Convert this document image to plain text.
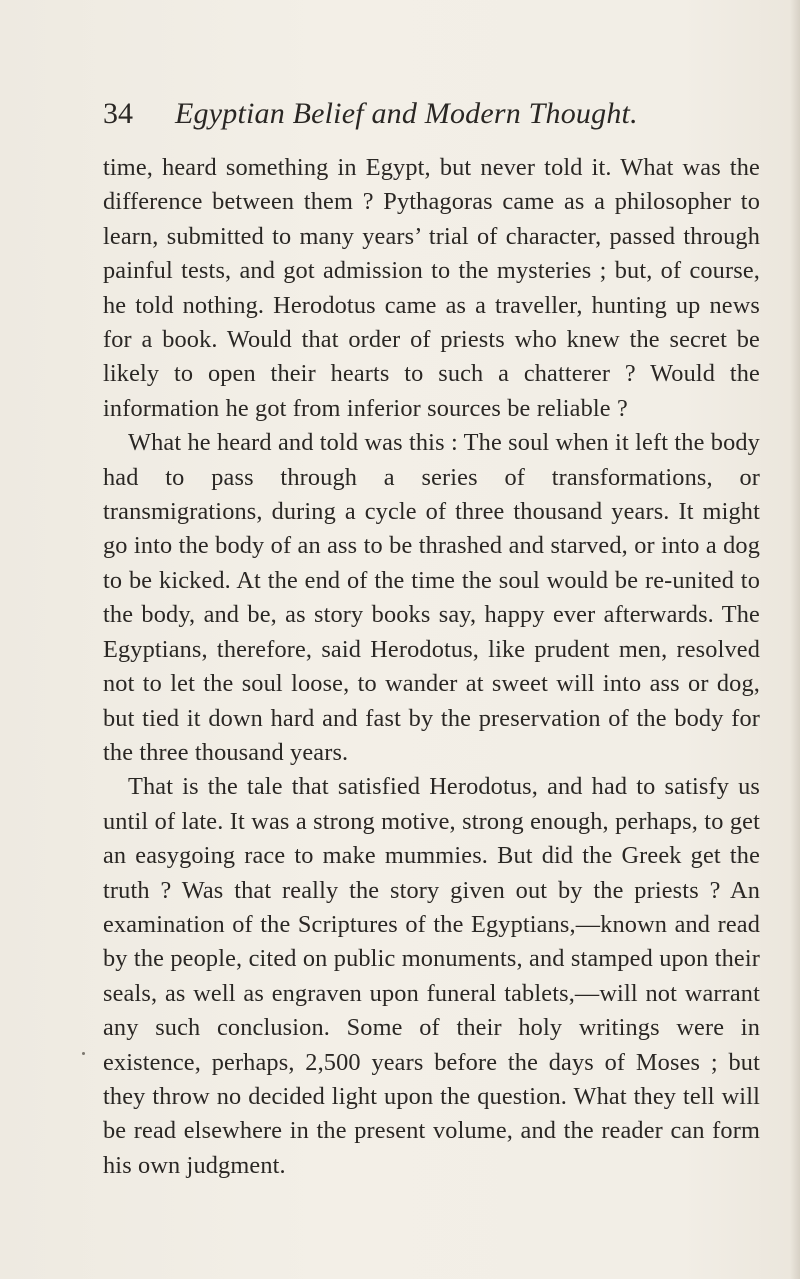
34 Egyptian Belief and Modern Thought.

time, heard something in Egypt, but never told it. What was the difference between them ? Pythagoras came as a philosopher to learn, submitted to many years’ trial of character, passed through painful tests, and got admission to the mysteries ; but, of course, he told nothing. Herodotus came as a traveller, hunting up news for a book. Would that order of priests who knew the secret be likely to open their hearts to such a chatterer ? Would the information he got from inferior sources be reliable ?

What he heard and told was this : The soul when it left the body had to pass through a series of transformations, or transmigrations, during a cycle of three thousand years. It might go into the body of an ass to be thrashed and starved, or into a dog to be kicked. At the end of the time the soul would be re-united to the body, and be, as story books say, happy ever afterwards. The Egyptians, therefore, said Herodotus, like prudent men, resolved not to let the soul loose, to wander at sweet will into ass or dog, but tied it down hard and fast by the preservation of the body for the three thousand years.

That is the tale that satisfied Herodotus, and had to satisfy us until of late. It was a strong motive, strong enough, perhaps, to get an easygoing race to make mummies. But did the Greek get the truth ? Was that really the story given out by the priests ? An examination of the Scriptures of the Egyptians,—known and read by the people, cited on public monuments, and stamped upon their seals, as well as engraven upon funeral tablets,—will not warrant any such conclusion. Some of their holy writings were in existence, perhaps, 2,500 years before the days of Moses ; but they throw no decided light upon the question. What they tell will be read elsewhere in the present volume, and the reader can form his own judgment.
